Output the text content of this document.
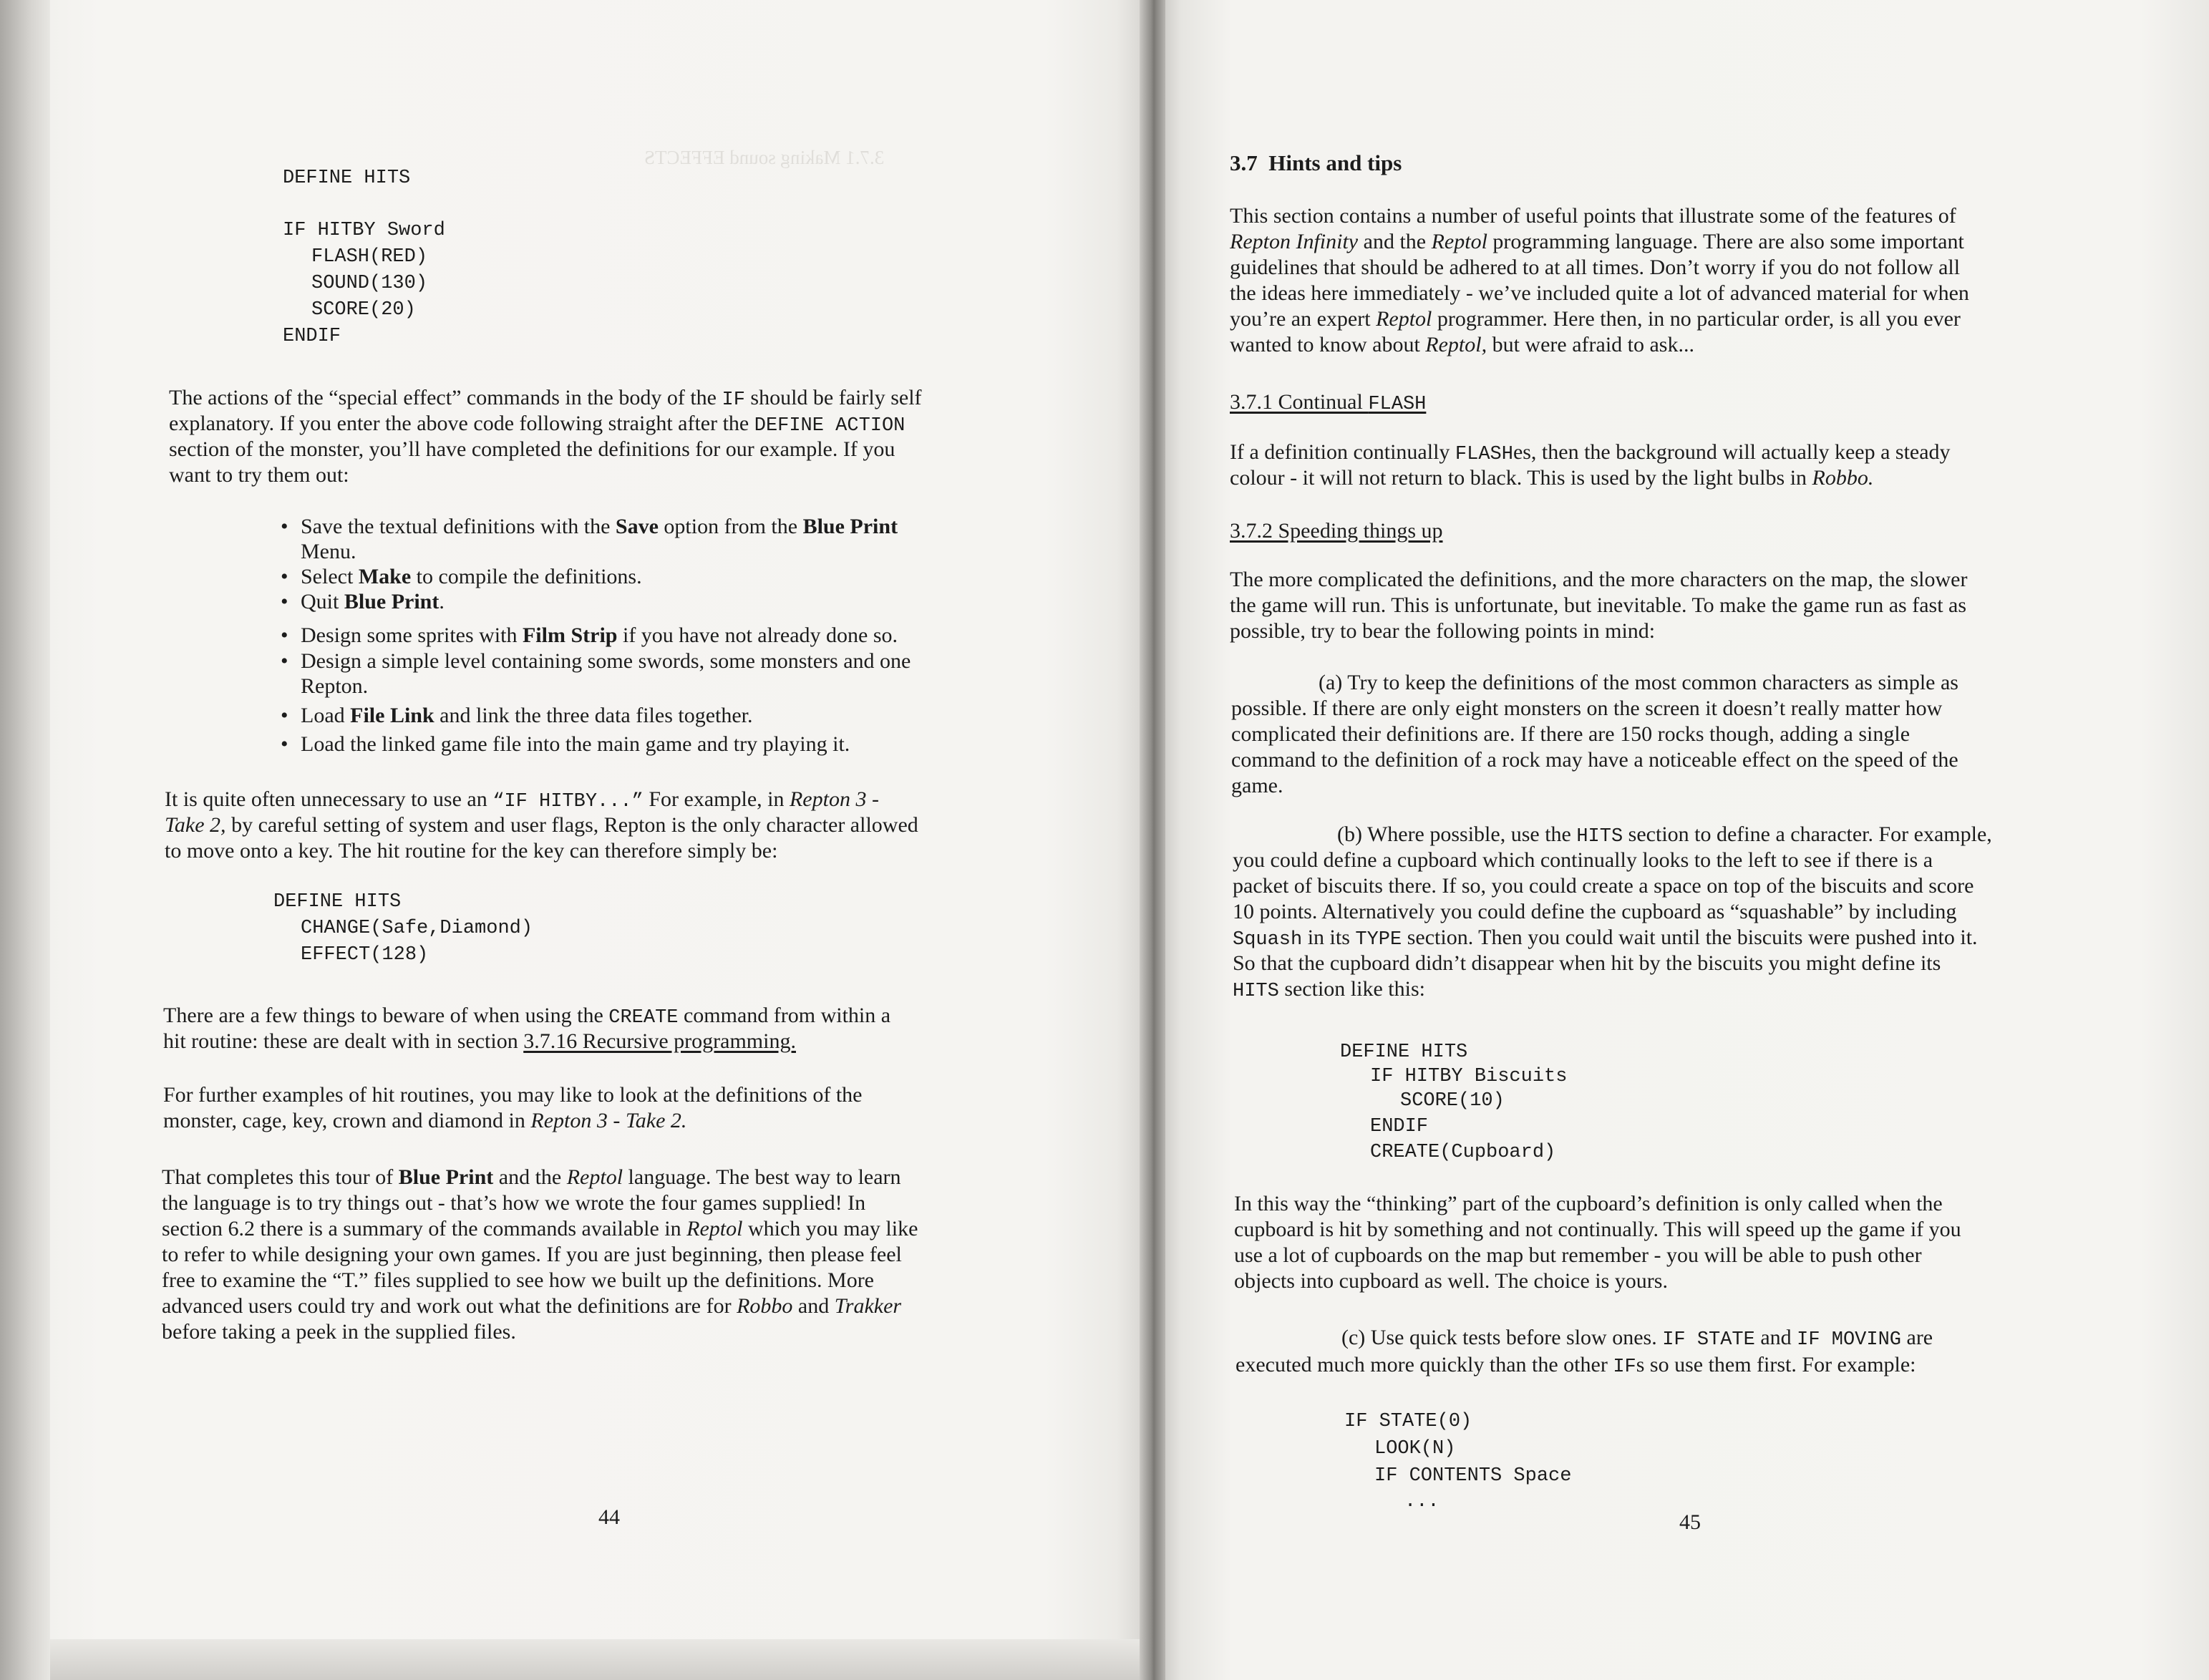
3.7.1 Making sound EFFECTS
DEFINE HITS
IF HITBY Sword
FLASH(RED)
SOUND(130)
SCORE(20)
ENDIF
The actions of the “special effect” commands in the body of the IF should be fairly self
explanatory. If you enter the above code following straight after the DEFINE ACTION
section of the monster, you’ll have completed the definitions for our example. If you
want to try them out:
• Save the textual definitions with the Save option from the Blue Print
Menu.
• Select Make to compile the definitions.
• Quit Blue Print.
• Design some sprites with Film Strip if you have not already done so.
• Design a simple level containing some swords, some monsters and one
Repton.
• Load File Link and link the three data files together.
• Load the linked game file into the main game and try playing it.
It is quite often unnecessary to use an “IF HITBY...” For example, in Repton 3 -
Take 2, by careful setting of system and user flags, Repton is the only character allowed
to move onto a key. The hit routine for the key can therefore simply be:
DEFINE HITS
CHANGE(Safe,Diamond)
EFFECT(128)
There are a few things to beware of when using the CREATE command from within a
hit routine: these are dealt with in section 3.7.16 Recursive programming.
For further examples of hit routines, you may like to look at the definitions of the
monster, cage, key, crown and diamond in Repton 3 - Take 2.
That completes this tour of Blue Print and the Reptol language. The best way to learn
the language is to try things out - that’s how we wrote the four games supplied! In
section 6.2 there is a summary of the commands available in Reptol which you may like
to refer to while designing your own games. If you are just beginning, then please feel
free to examine the “T.” files supplied to see how we built up the definitions. More
advanced users could try and work out what the definitions are for Robbo and Trakker
before taking a peek in the supplied files.
44
3.7 Hints and tips
This section contains a number of useful points that illustrate some of the features of
Repton Infinity and the Reptol programming language. There are also some important
guidelines that should be adhered to at all times. Don’t worry if you do not follow all
the ideas here immediately - we’ve included quite a lot of advanced material for when
you’re an expert Reptol programmer. Here then, in no particular order, is all you ever
wanted to know about Reptol, but were afraid to ask...
3.7.1 Continual FLASH
If a definition continually FLASHes, then the background will actually keep a steady
colour - it will not return to black. This is used by the light bulbs in Robbo.
3.7.2 Speeding things up
The more complicated the definitions, and the more characters on the map, the slower
the game will run. This is unfortunate, but inevitable. To make the game run as fast as
possible, try to bear the following points in mind:
(a) Try to keep the definitions of the most common characters as simple as
possible. If there are only eight monsters on the screen it doesn’t really matter how
complicated their definitions are. If there are 150 rocks though, adding a single
command to the definition of a rock may have a noticeable effect on the speed of the
game.
(b) Where possible, use the HITS section to define a character. For example,
you could define a cupboard which continually looks to the left to see if there is a
packet of biscuits there. If so, you could create a space on top of the biscuits and score
10 points. Alternatively you could define the cupboard as “squashable” by including
Squash in its TYPE section. Then you could wait until the biscuits were pushed into it.
So that the cupboard didn’t disappear when hit by the biscuits you might define its
HITS section like this:
DEFINE HITS
IF HITBY Biscuits
SCORE(10)
ENDIF
CREATE(Cupboard)
In this way the “thinking” part of the cupboard’s definition is only called when the
cupboard is hit by something and not continually. This will speed up the game if you
use a lot of cupboards on the map but remember - you will be able to push other
objects into cupboard as well. The choice is yours.
(c) Use quick tests before slow ones. IF STATE and IF MOVING are
executed much more quickly than the other IFs so use them first. For example:
IF STATE(0)
LOOK(N)
IF CONTENTS Space
...
45
